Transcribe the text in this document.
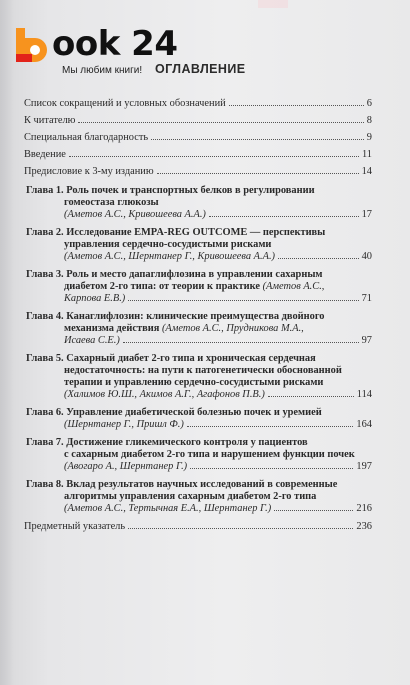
ook 24
Мы любим книги! ОГЛАВЛЕНИЕ
Список сокращений и условных обозначений	6
К читателю	8
Специальная благодарность	9
Введение	11
Предисловие к 3-му изданию	14
Глава 1. Роль почек и транспортных белков в регулировании
гомеостаза глюкозы
(Аметов А.С., Кривошеева А.А.)	17
Глава 2. Исследование EMPA-REG OUTCOME — перспективы
управления сердечно-сосудистыми рисками
(Аметов А.С., Шернтанер Г., Кривошеева А.А.)	40
Глава 3. Роль и место дапаглифлозина в управлении сахарным
диабетом 2-го типа: от теории к практике (Аметов А.С.,
Карпова Е.В.)	71
Глава 4. Канаглифлозин: клинические преимущества двойного
механизма действия (Аметов А.С., Прудникова М.А.,
Исаева С.Е.)	97
Глава 5. Сахарный диабет 2-го типа и хроническая сердечная
недостаточность: на пути к патогенетически обоснованной
терапии и управлению сердечно-сосудистыми рисками
(Халимов Ю.Ш., Акимов А.Г., Агафонов П.В.)	114
Глава 6. Управление диабетической болезнью почек и уремией
(Шернтанер Г., Пришл Ф.)	164
Глава 7. Достижение гликемического контроля у пациентов
с сахарным диабетом 2-го типа и нарушением функции почек
(Авогаро А., Шернтанер Г.)	197
Глава 8. Вклад результатов научных исследований в современные
алгоритмы управления сахарным диабетом 2-го типа
(Аметов А.С., Тертычная Е.А., Шернтанер Г.)	216
Предметный указатель	236
